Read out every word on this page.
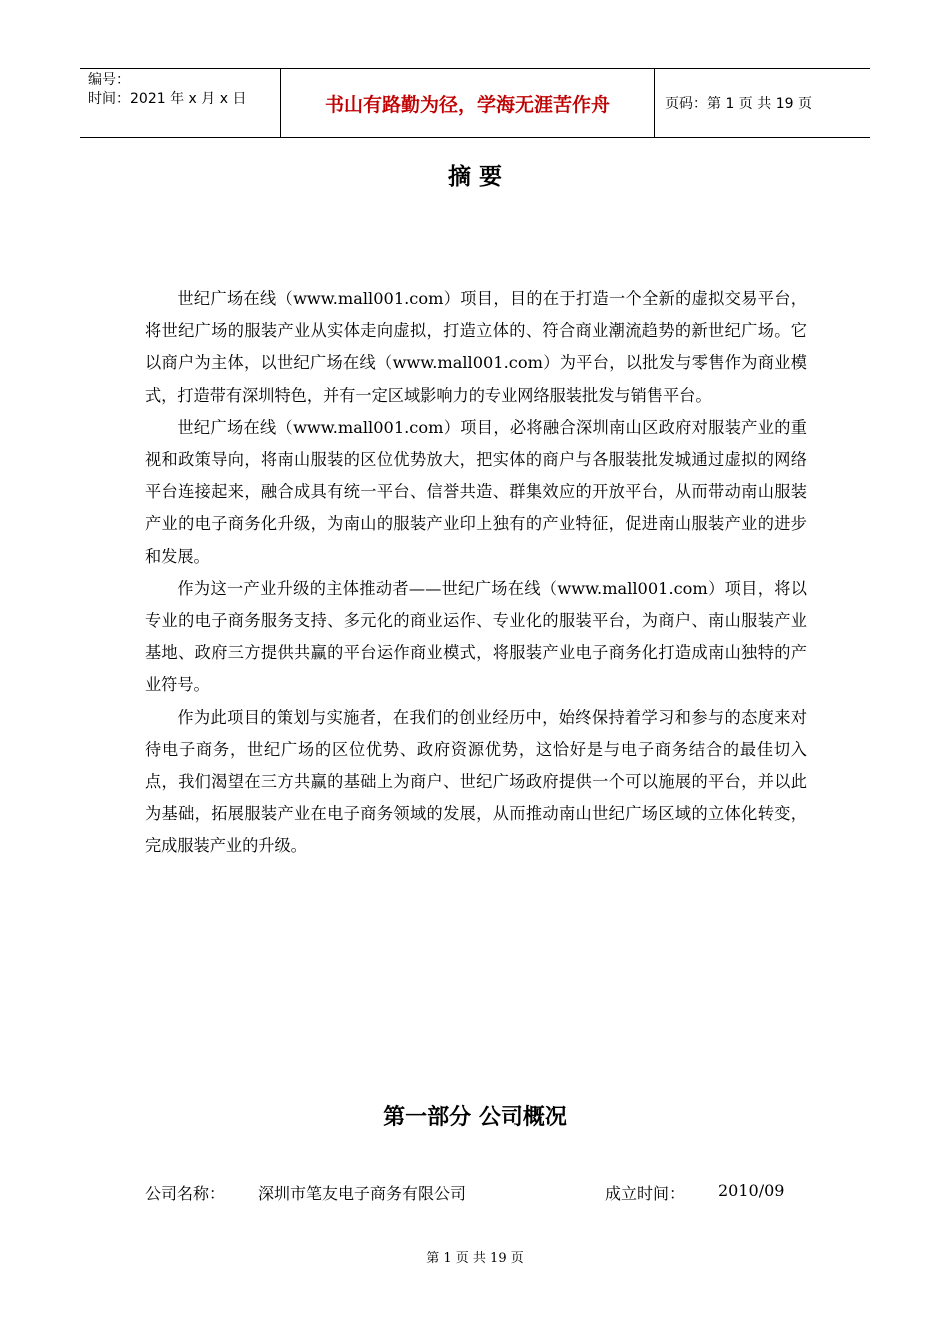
编号：
时间：2021 年 x 月 x 日	书山有路勤为径，学海无涯苦作舟	页码：第 1 页 共 19 页
摘 要

世纪广场在线（www.mall001.com）项目，目的在于打造一个全新的虚拟交易平台，将世纪广场的服装产业从实体走向虚拟，打造立体的、符合商业潮流趋势的新世纪广场。它以商户为主体，以世纪广场在线（www.mall001.com）为平台，以批发与零售作为商业模式，打造带有深圳特色，并有一定区域影响力的专业网络服装批发与销售平台。

世纪广场在线（www.mall001.com）项目，必将融合深圳南山区政府对服装产业的重视和政策导向，将南山服装的区位优势放大，把实体的商户与各服装批发城通过虚拟的网络平台连接起来，融合成具有统一平台、信誉共造、群集效应的开放平台，从而带动南山服装产业的电子商务化升级，为南山的服装产业印上独有的产业特征，促进南山服装产业的进步和发展。

作为这一产业升级的主体推动者——世纪广场在线（www.mall001.com）项目，将以专业的电子商务服务支持、多元化的商业运作、专业化的服装平台，为商户、南山服装产业基地、政府三方提供共赢的平台运作商业模式，将服装产业电子商务化打造成南山独特的产业符号。

作为此项目的策划与实施者，在我们的创业经历中，始终保持着学习和参与的态度来对待电子商务，世纪广场的区位优势、政府资源优势，这恰好是与电子商务结合的最佳切入点，我们渴望在三方共赢的基础上为商户、世纪广场政府提供一个可以施展的平台，并以此为基础，拓展服装产业在电子商务领域的发展，从而推动南山世纪广场区域的立体化转变，完成服装产业的升级。

第一部分 公司概况
公司名称： 深圳市笔友电子商务有限公司	成立时间： 2010/09
第 1 页 共 19 页
